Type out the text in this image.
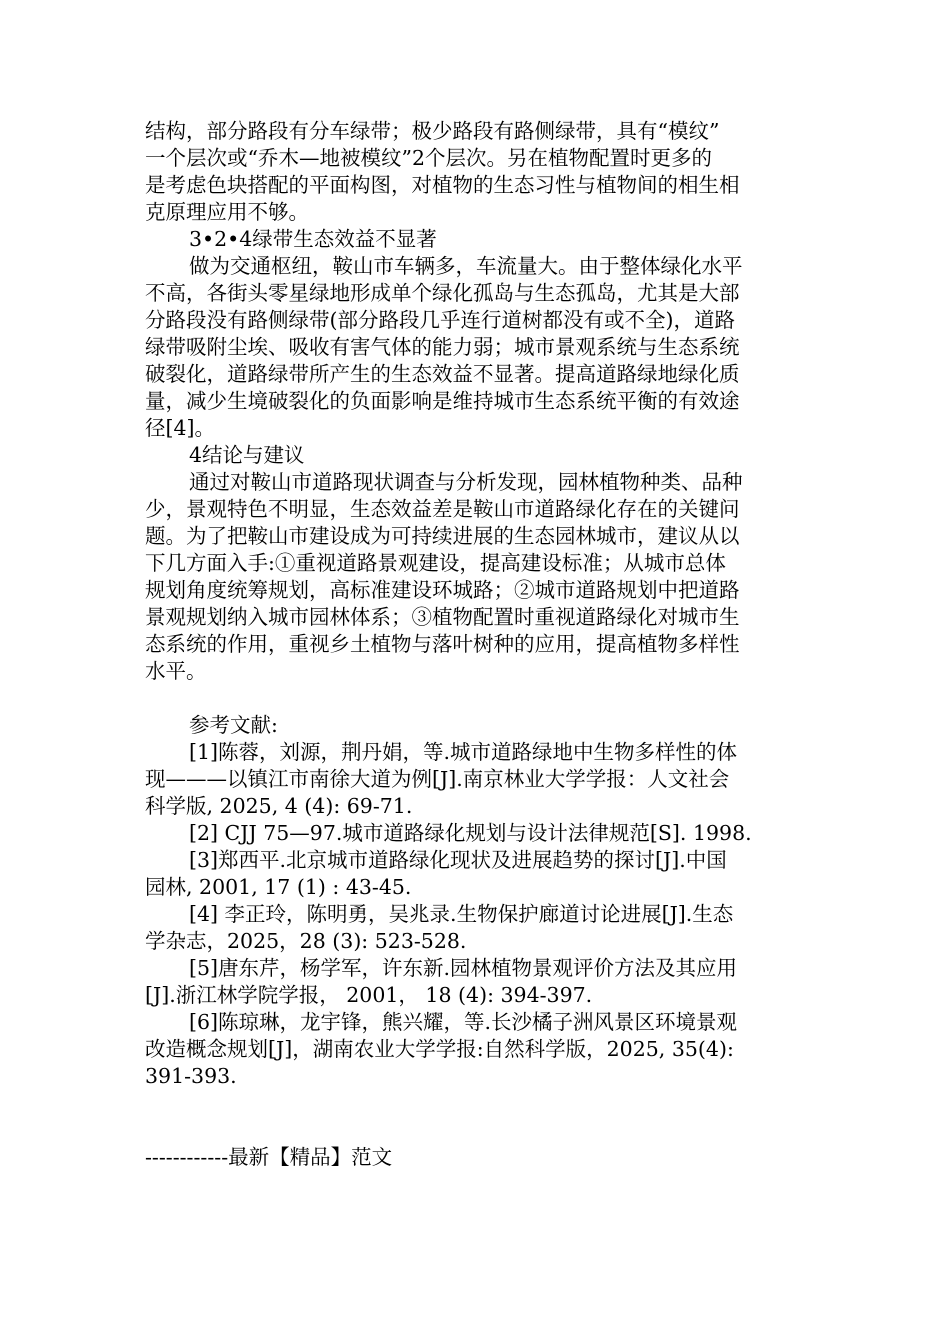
结构，部分路段有分车绿带；极少路段有路侧绿带，具有“模纹”
一个层次或“乔木—地被模纹”2个层次。另在植物配置时更多的
是考虑色块搭配的平面构图，对植物的生态习性与植物间的相生相
克原理应用不够。
3•2•4绿带生态效益不显著
做为交通枢纽，鞍山市车辆多，车流量大。由于整体绿化水平
不高，各街头零星绿地形成单个绿化孤岛与生态孤岛，尤其是大部
分路段没有路侧绿带(部分路段几乎连行道树都没有或不全)，道路
绿带吸附尘埃、吸收有害气体的能力弱；城市景观系统与生态系统
破裂化，道路绿带所产生的生态效益不显著。提高道路绿地绿化质
量，减少生境破裂化的负面影响是维持城市生态系统平衡的有效途
径[4]。
4结论与建议
通过对鞍山市道路现状调查与分析发现，园林植物种类、品种
少，景观特色不明显，生态效益差是鞍山市道路绿化存在的关键问
题。为了把鞍山市建设成为可持续进展的生态园林城市，建议从以
下几方面入手:①重视道路景观建设，提高建设标准；从城市总体
规划角度统筹规划，高标准建设环城路；②城市道路规划中把道路
景观规划纳入城市园林体系；③植物配置时重视道路绿化对城市生
态系统的作用，重视乡土植物与落叶树种的应用，提高植物多样性
水平。
参考文献:
[1]陈蓉，刘源，荆丹娟，等.城市道路绿地中生物多样性的体
现———以镇江市南徐大道为例[J].南京林业大学学报：人文社会
科学版, 2025, 4 (4): 69-71.
[2] CJJ 75—97.城市道路绿化规划与设计法律规范[S]. 1998.
[3]郑西平.北京城市道路绿化现状及进展趋势的探讨[J].中国
园林, 2001, 17 (1) : 43-45.
[4] 李正玲，陈明勇，吴兆录.生物保护廊道讨论进展[J].生态
学杂志，2025，28 (3): 523-528.
[5]唐东芹，杨学军，许东新.园林植物景观评价方法及其应用
[J].浙江林学院学报， 2001， 18 (4): 394-397.
[6]陈琼琳，龙宇锋，熊兴耀，等.长沙橘子洲风景区环境景观
改造概念规划[J]，湖南农业大学学报:自然科学版，2025, 35(4):
391-393.
------------最新【精品】范文
